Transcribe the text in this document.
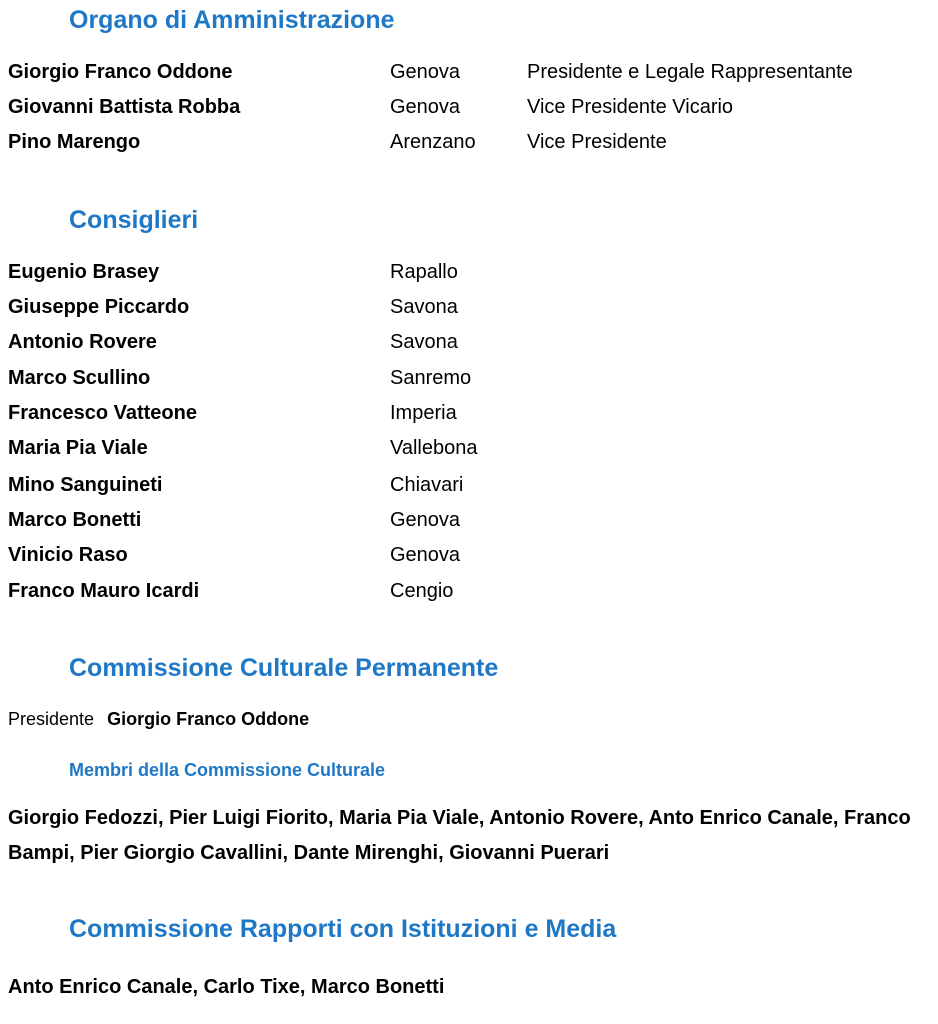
Organo di Amministrazione
Giorgio Franco Oddone	Genova	Presidente e Legale Rappresentante
Giovanni Battista Robba	Genova	Vice Presidente Vicario
Pino Marengo	Arenzano	Vice Presidente
Consiglieri
Eugenio Brasey	Rapallo
Giuseppe Piccardo	Savona
Antonio Rovere	Savona
Marco Scullino	Sanremo
Francesco Vatteone	Imperia
Maria Pia Viale	Vallebona
Mino Sanguineti	Chiavari
Marco Bonetti	Genova
Vinicio Raso	Genova
Franco Mauro Icardi	Cengio
Commissione Culturale Permanente
Presidente Giorgio Franco Oddone
Membri della Commissione Culturale
Giorgio Fedozzi, Pier Luigi Fiorito, Maria Pia Viale, Antonio Rovere, Anto Enrico Canale, Franco Bampi, Pier Giorgio Cavallini, Dante Mirenghi, Giovanni Puerari
Commissione Rapporti con Istituzioni e Media
Anto Enrico Canale, Carlo Tixe, Marco Bonetti
